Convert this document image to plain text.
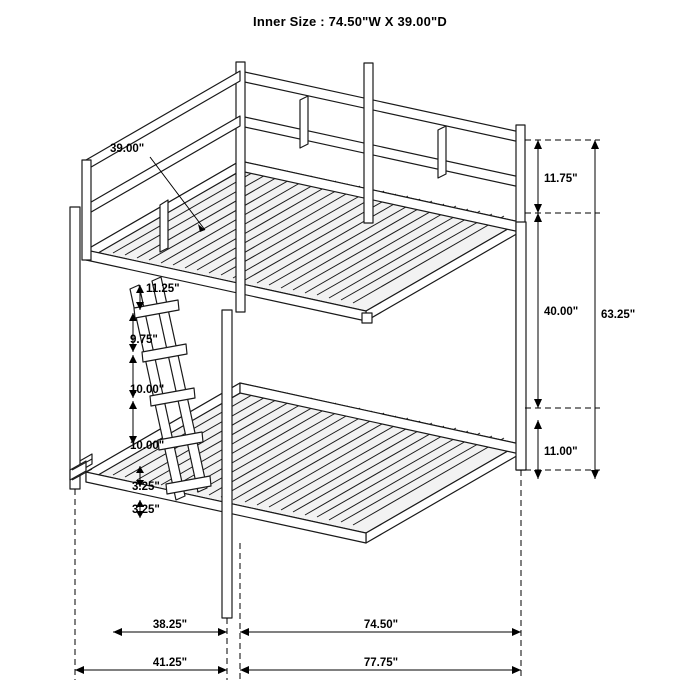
Inner Size : 74.50"W X 39.00"D
39.00"
11.75"
40.00"
11.00"
63.25"
11.25"
9.75"
10.00"
10.00"
3.25"
3.25"
38.25"	74.50"
41.25"	77.75"
